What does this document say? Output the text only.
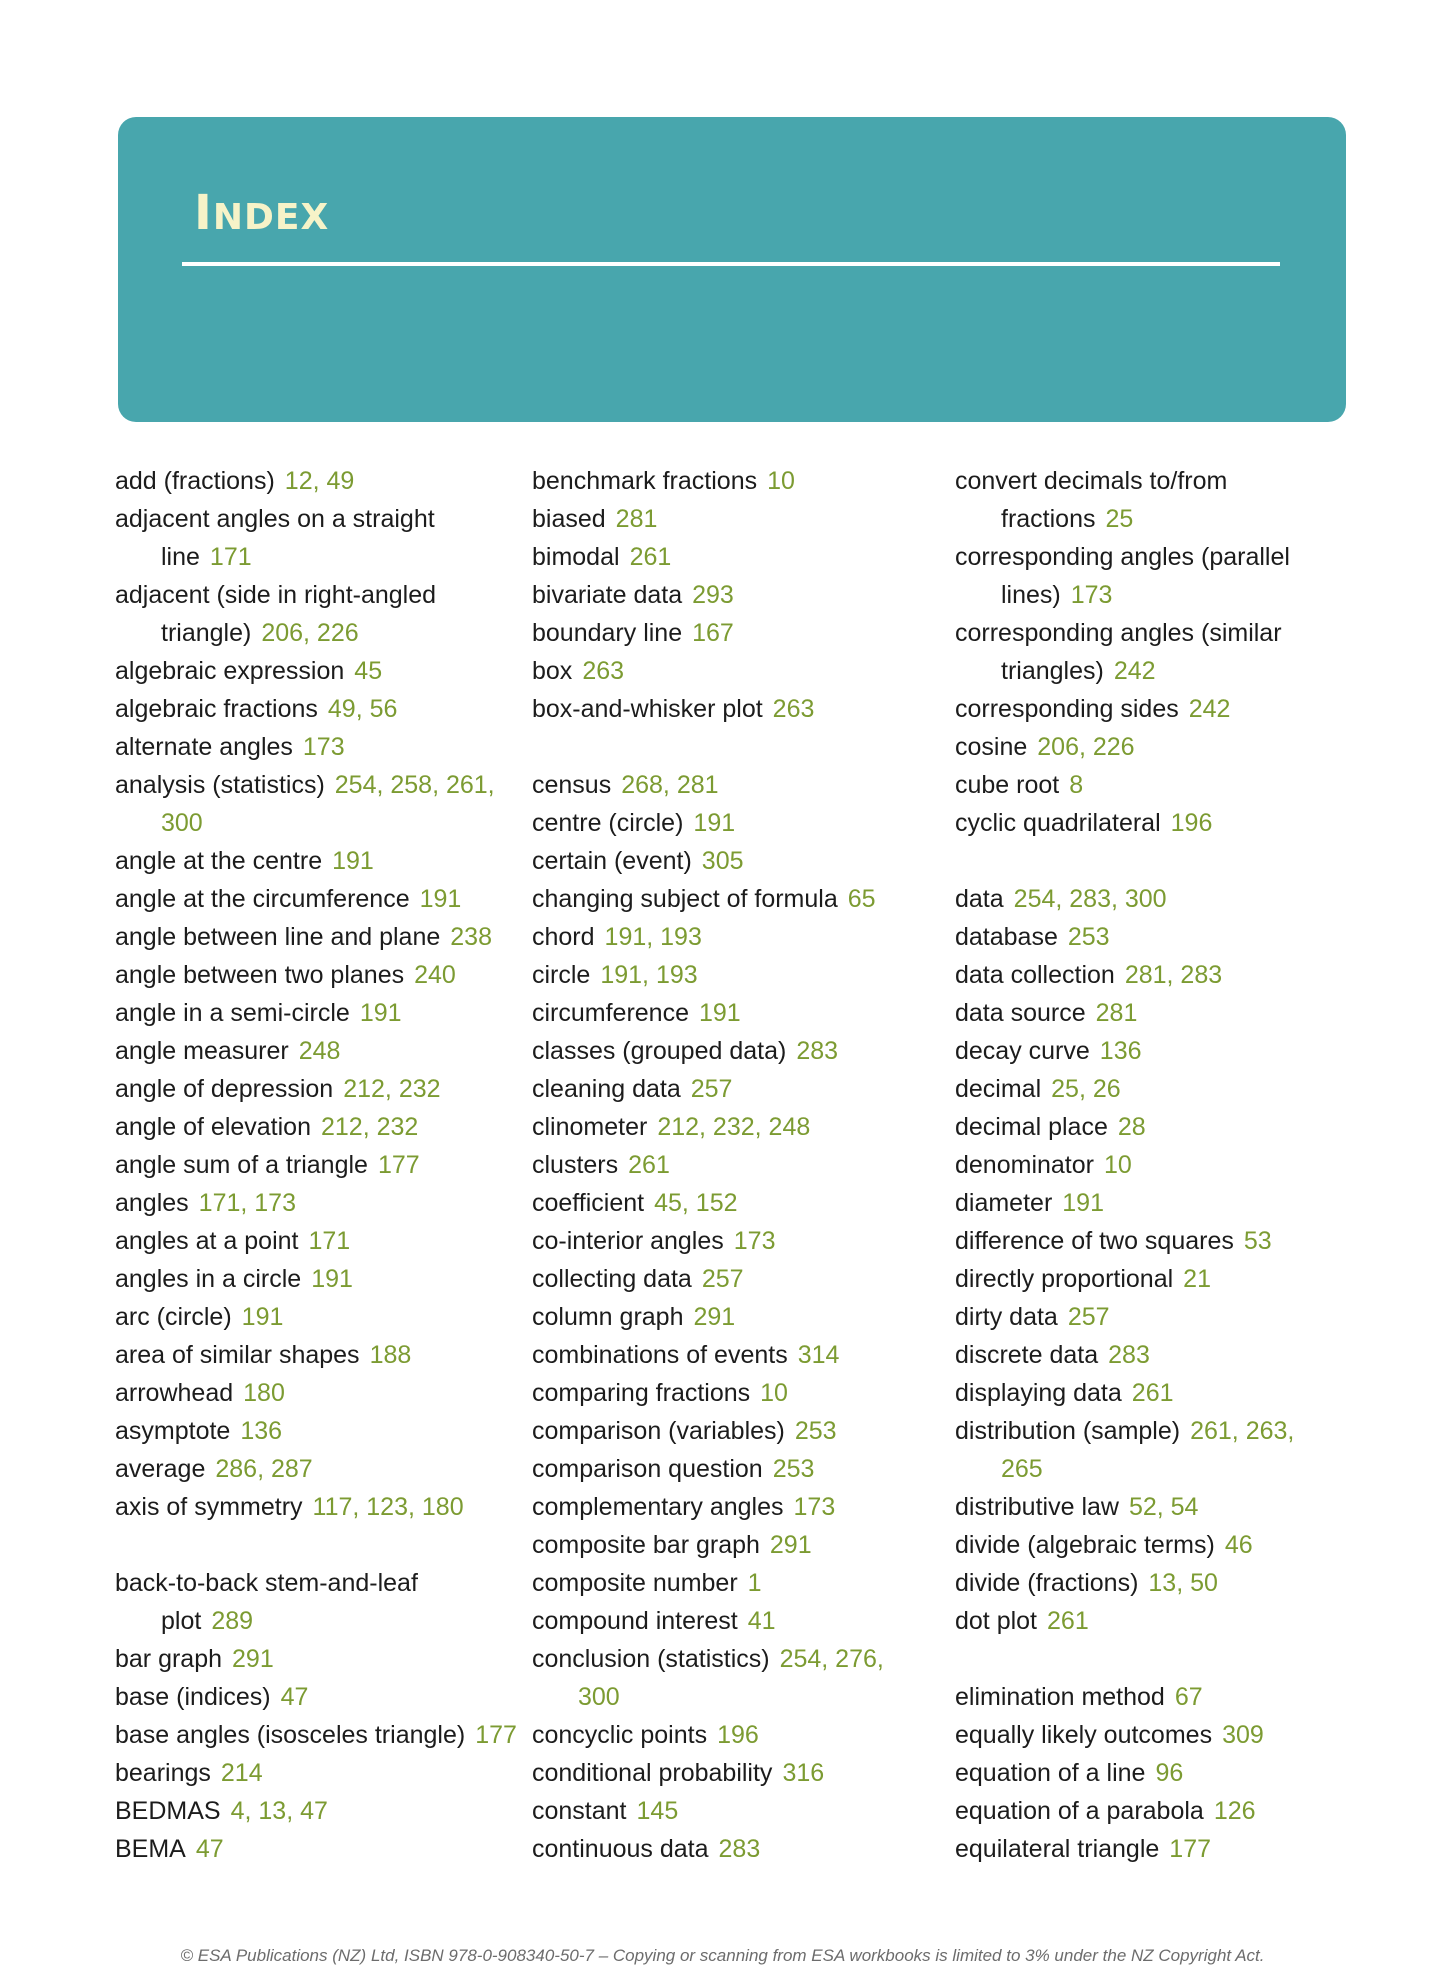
INDEX
add (fractions) 12, 49
adjacent angles on a straight
line 171
adjacent (side in right-angled
triangle) 206, 226
algebraic expression 45
algebraic fractions 49, 56
alternate angles 173
analysis (statistics) 254, 258, 261,
300
angle at the centre 191
angle at the circumference 191
angle between line and plane 238
angle between two planes 240
angle in a semi-circle 191
angle measurer 248
angle of depression 212, 232
angle of elevation 212, 232
angle sum of a triangle 177
angles 171, 173
angles at a point 171
angles in a circle 191
arc (circle) 191
area of similar shapes 188
arrowhead 180
asymptote 136
average 286, 287
axis of symmetry 117, 123, 180
back-to-back stem-and-leaf
plot 289
bar graph 291
base (indices) 47
base angles (isosceles triangle) 177
bearings 214
BEDMAS 4, 13, 47
BEMA 47
benchmark fractions 10
biased 281
bimodal 261
bivariate data 293
boundary line 167
box 263
box-and-whisker plot 263
census 268, 281
centre (circle) 191
certain (event) 305
changing subject of formula 65
chord 191, 193
circle 191, 193
circumference 191
classes (grouped data) 283
cleaning data 257
clinometer 212, 232, 248
clusters 261
coefficient 45, 152
co-interior angles 173
collecting data 257
column graph 291
combinations of events 314
comparing fractions 10
comparison (variables) 253
comparison question 253
complementary angles 173
composite bar graph 291
composite number 1
compound interest 41
conclusion (statistics) 254, 276,
300
concyclic points 196
conditional probability 316
constant 145
continuous data 283
convert decimals to/from
fractions 25
corresponding angles (parallel
lines) 173
corresponding angles (similar
triangles) 242
corresponding sides 242
cosine 206, 226
cube root 8
cyclic quadrilateral 196
data 254, 283, 300
database 253
data collection 281, 283
data source 281
decay curve 136
decimal 25, 26
decimal place 28
denominator 10
diameter 191
difference of two squares 53
directly proportional 21
dirty data 257
discrete data 283
displaying data 261
distribution (sample) 261, 263,
265
distributive law 52, 54
divide (algebraic terms) 46
divide (fractions) 13, 50
dot plot 261
elimination method 67
equally likely outcomes 309
equation of a line 96
equation of a parabola 126
equilateral triangle 177
© ESA Publications (NZ) Ltd, ISBN 978-0-908340-50-7 – Copying or scanning from ESA workbooks is limited to 3% under the NZ Copyright Act.
